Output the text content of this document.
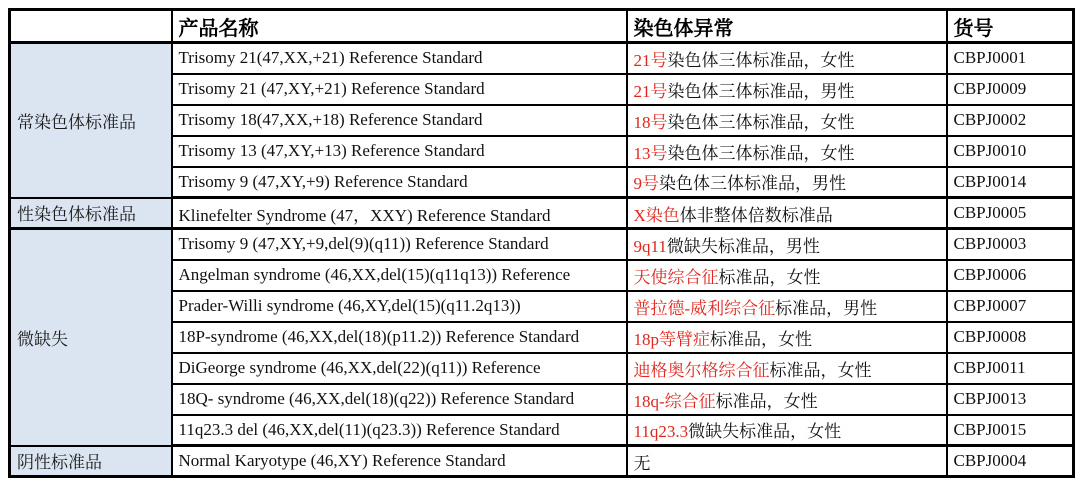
	产品名称	染色体异常	货号
常染色体标准品	Trisomy 21(47,XX,+21) Reference Standard	21号染色体三体标准品，女性	CBPJ0001
	Trisomy 21 (47,XY,+21) Reference Standard	21号染色体三体标准品，男性	CBPJ0009
	Trisomy 18(47,XX,+18) Reference Standard	18号染色体三体标准品，女性	CBPJ0002
	Trisomy 13 (47,XY,+13) Reference Standard	13号染色体三体标准品，女性	CBPJ0010
	Trisomy 9 (47,XY,+9) Reference Standard	9号染色体三体标准品，男性	CBPJ0014
性染色体标准品	Klinefelter Syndrome (47，XXY) Reference Standard	X染色体非整体倍数标准品	CBPJ0005
微缺失	Trisomy 9 (47,XY,+9,del(9)(q11)) Reference Standard	9q11微缺失标准品，男性	CBPJ0003
	Angelman syndrome (46,XX,del(15)(q11q13)) Reference	天使综合征标准品，女性	CBPJ0006
	Prader-Willi syndrome (46,XY,del(15)(q11.2q13))	普拉德-威利综合征标准品，男性	CBPJ0007
	18P-syndrome (46,XX,del(18)(p11.2)) Reference Standard	18p等臂症标准品，女性	CBPJ0008
	DiGeorge syndrome (46,XX,del(22)(q11)) Reference	迪格奥尔格综合征标准品，女性	CBPJ0011
	18Q- syndrome (46,XX,del(18)(q22)) Reference Standard	18q-综合征标准品，女性	CBPJ0013
	11q23.3 del (46,XX,del(11)(q23.3)) Reference Standard	11q23.3微缺失标准品，女性	CBPJ0015
阴性标准品	Normal Karyotype (46,XY) Reference Standard	无	CBPJ0004
